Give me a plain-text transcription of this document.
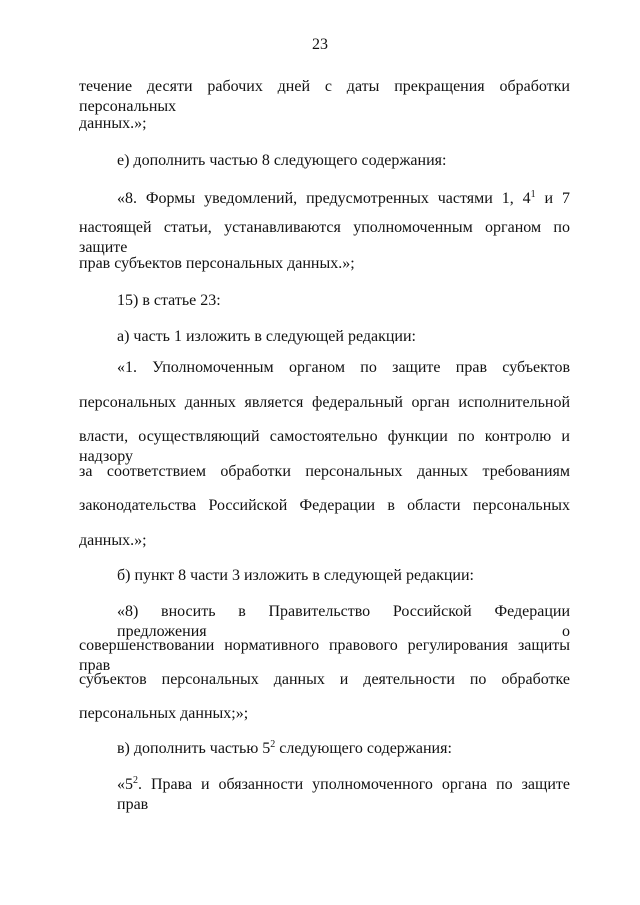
23
течение десяти рабочих дней с даты прекращения обработки персональных
данных.»;
е) дополнить частью 8 следующего содержания:
«8. Формы уведомлений, предусмотренных частями 1, $4^1$ и 7
настоящей статьи, устанавливаются уполномоченным органом по защите
прав субъектов персональных данных.»;
15) в статье 23:
а) часть 1 изложить в следующей редакции:
«1. Уполномоченным органом по защите прав субъектов
персональных данных является федеральный орган исполнительной
власти, осуществляющий самостоятельно функции по контролю и надзору
за соответствием обработки персональных данных требованиям
законодательства Российской Федерации в области персональных
данных.»;
б) пункт 8 части 3 изложить в следующей редакции:
«8) вносить в Правительство Российской Федерации предложения о
совершенствовании нормативного правового регулирования защиты прав
субъектов персональных данных и деятельности по обработке
персональных данных;»;
в) дополнить частью $5^2$ следующего содержания:
«$5^2$. Права и обязанности уполномоченного органа по защите прав
